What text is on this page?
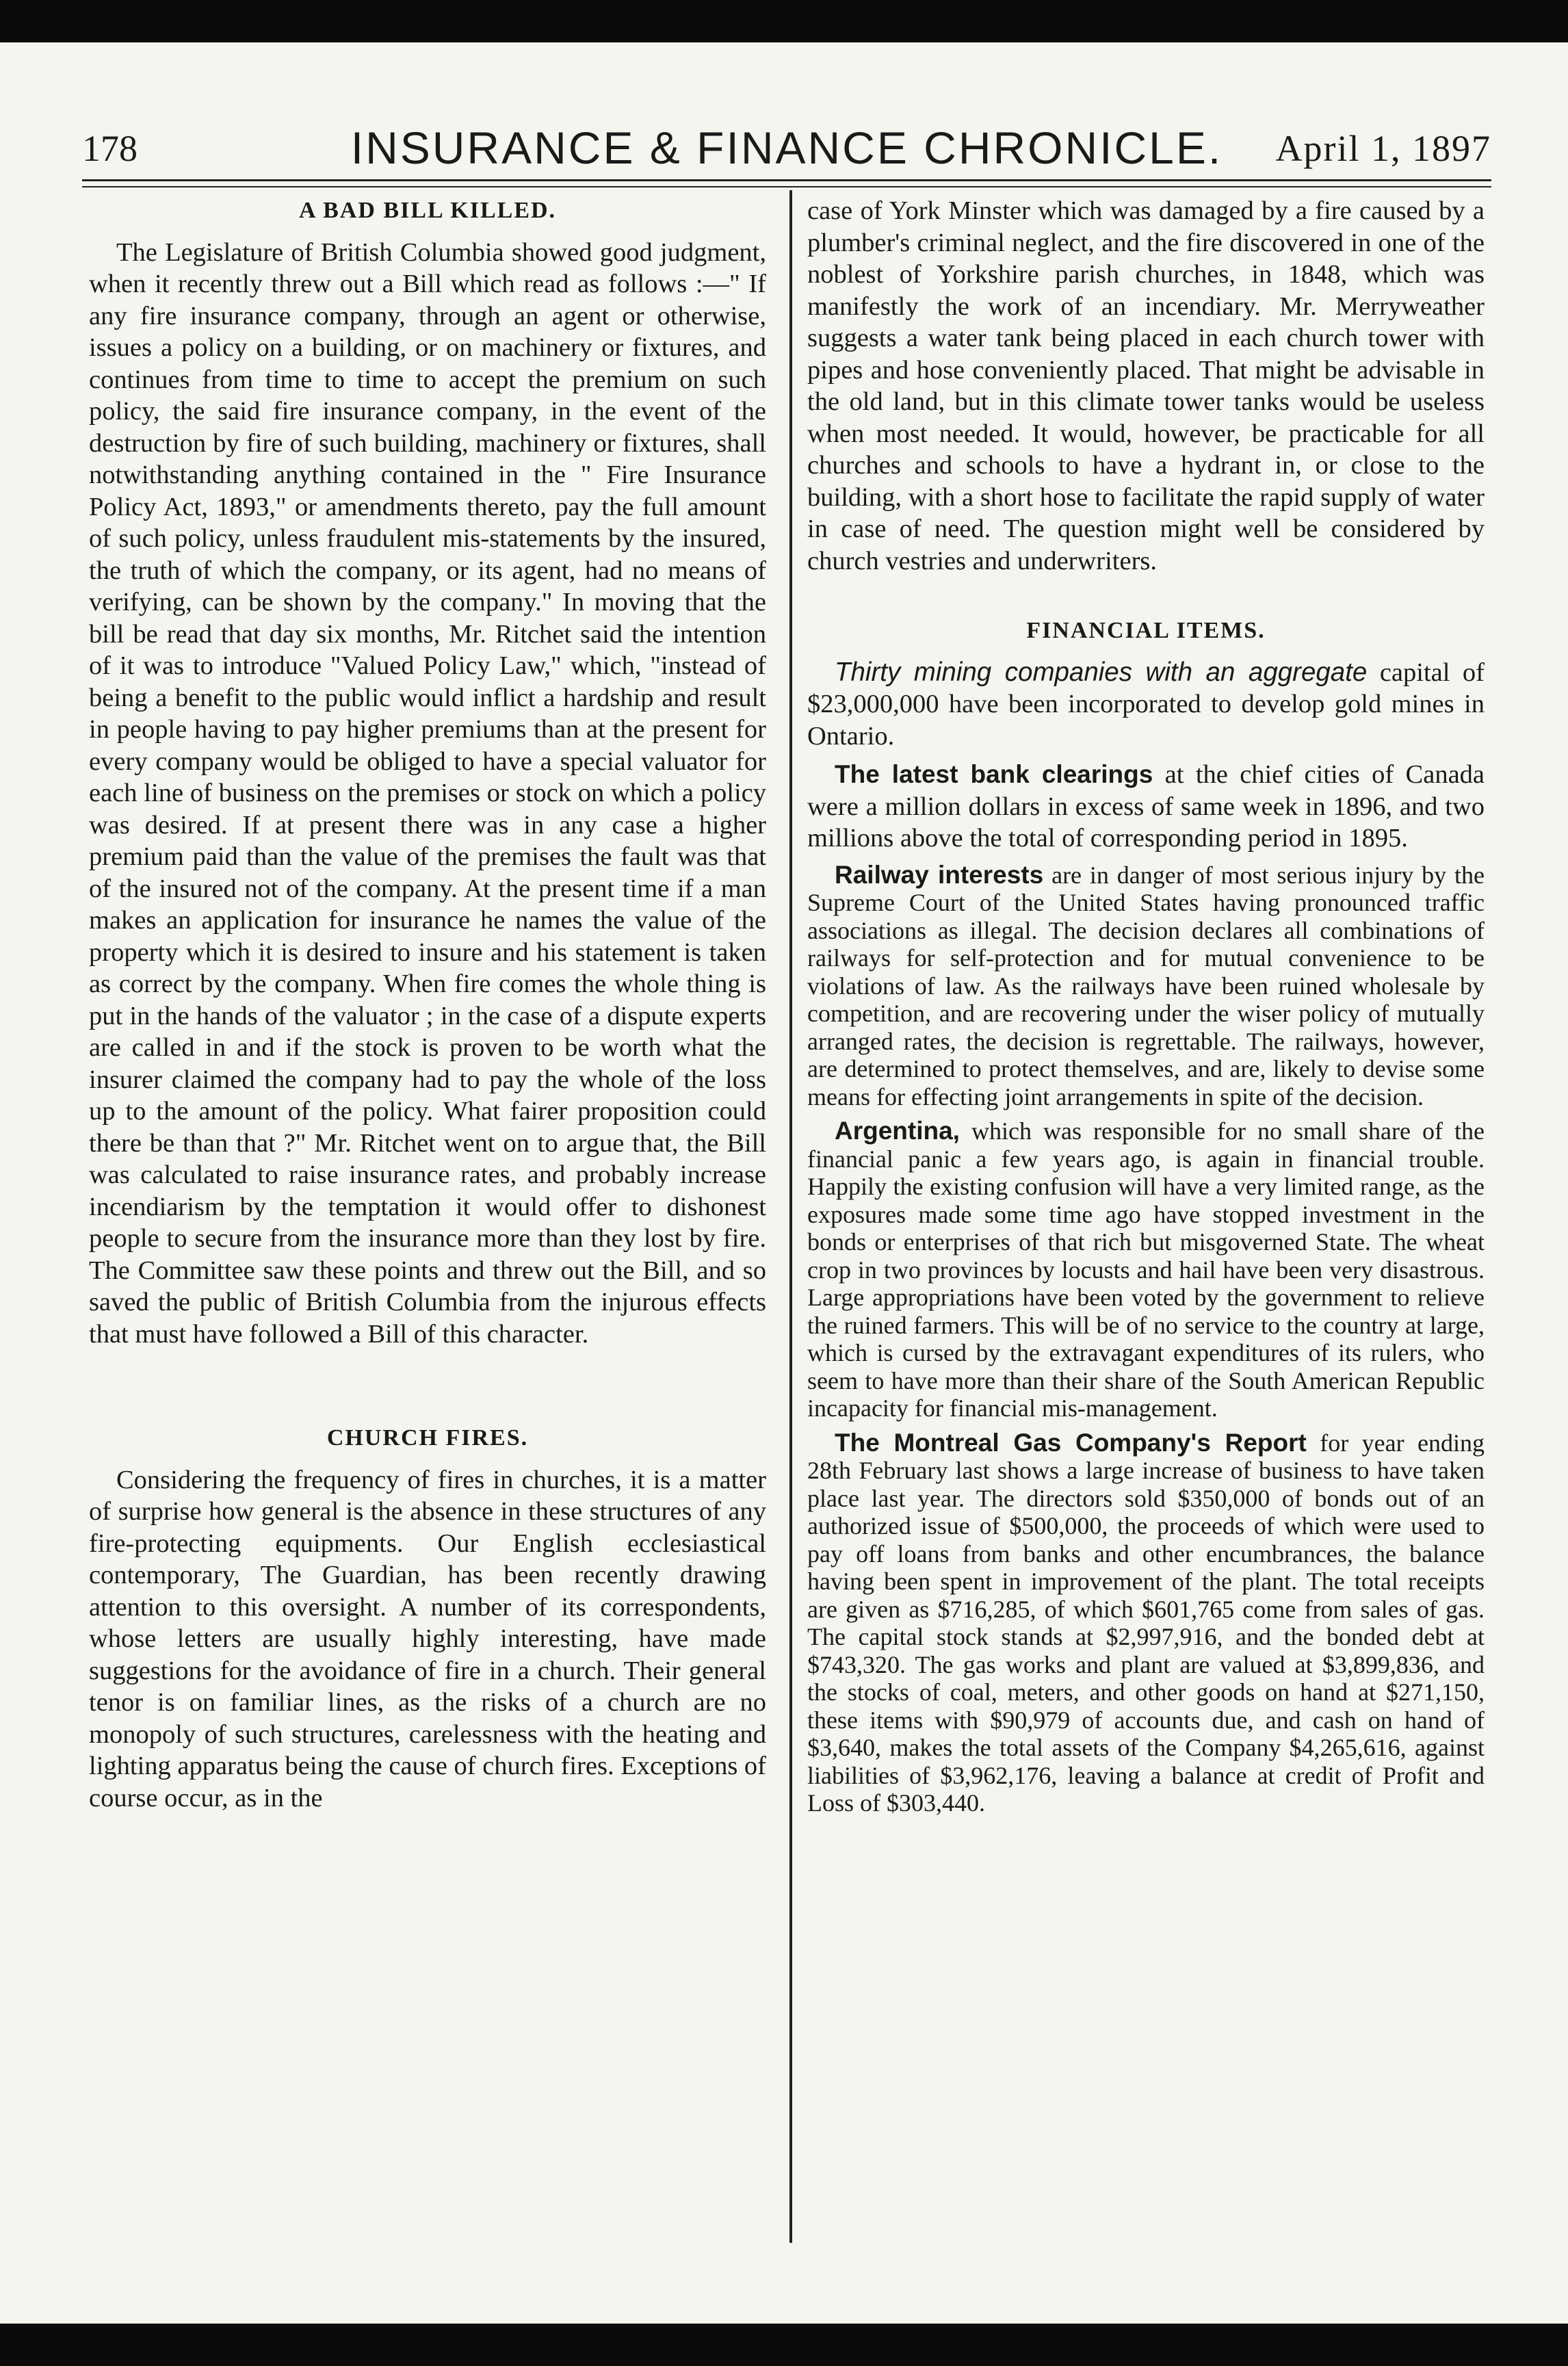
178	INSURANCE & FINANCE CHRONICLE.	April 1, 1897
A BAD BILL KILLED.

The Legislature of British Columbia showed good judgment, when it recently threw out a Bill which read as follows :—" If any fire insurance company, through an agent or otherwise, issues a policy on a building, or on machinery or fixtures, and continues from time to time to accept the premium on such policy, the said fire insurance company, in the event of the destruction by fire of such building, machinery or fixtures, shall notwithstanding anything contained in the " Fire Insurance Policy Act, 1893," or amendments thereto, pay the full amount of such policy, unless fraudulent mis-statements by the insured, the truth of which the company, or its agent, had no means of verifying, can be shown by the company." In moving that the bill be read that day six months, Mr. Ritchet said the intention of it was to introduce "Valued Policy Law," which, "instead of being a benefit to the public would inflict a hardship and result in people having to pay higher premiums than at the present for every company would be obliged to have a special valuator for each line of business on the premises or stock on which a policy was desired. If at present there was in any case a higher premium paid than the value of the premises the fault was that of the insured not of the company. At the present time if a man makes an application for insurance he names the value of the property which it is desired to insure and his statement is taken as correct by the company. When fire comes the whole thing is put in the hands of the valuator ; in the case of a dispute experts are called in and if the stock is proven to be worth what the insurer claimed the company had to pay the whole of the loss up to the amount of the policy. What fairer proposition could there be than that ?" Mr. Ritchet went on to argue that, the Bill was calculated to raise insurance rates, and probably increase incendiarism by the temptation it would offer to dishonest people to secure from the insurance more than they lost by fire. The Committee saw these points and threw out the Bill, and so saved the public of British Columbia from the injurous effects that must have followed a Bill of this character.

CHURCH FIRES.

Considering the frequency of fires in churches, it is a matter of surprise how general is the absence in these structures of any fire-protecting equipments. Our English ecclesiastical contemporary, The Guardian, has been recently drawing attention to this oversight. A number of its correspondents, whose letters are usually highly interesting, have made suggestions for the avoidance of fire in a church. Their general tenor is on familiar lines, as the risks of a church are no monopoly of such structures, carelessness with the heating and lighting apparatus being the cause of church fires. Exceptions of course occur, as in the

case of York Minster which was damaged by a fire caused by a plumber's criminal neglect, and the fire discovered in one of the noblest of Yorkshire parish churches, in 1848, which was manifestly the work of an incendiary. Mr. Merryweather suggests a water tank being placed in each church tower with pipes and hose conveniently placed. That might be advisable in the old land, but in this climate tower tanks would be useless when most needed. It would, however, be practicable for all churches and schools to have a hydrant in, or close to the building, with a short hose to facilitate the rapid supply of water in case of need. The question might well be considered by church vestries and underwriters.

FINANCIAL ITEMS.

Thirty mining companies with an aggregate capital of $23,000,000 have been incorporated to develop gold mines in Ontario.

The latest bank clearings at the chief cities of Canada were a million dollars in excess of same week in 1896, and two millions above the total of corresponding period in 1895.

Railway interests are in danger of most serious injury by the Supreme Court of the United States having pronounced traffic associations as illegal. The decision declares all combinations of railways for self-protection and for mutual convenience to be violations of law. As the railways have been ruined wholesale by competition, and are recovering under the wiser policy of mutually arranged rates, the decision is regrettable. The railways, however, are determined to protect themselves, and are, likely to devise some means for effecting joint arrangements in spite of the decision.

Argentina, which was responsible for no small share of the financial panic a few years ago, is again in financial trouble. Happily the existing confusion will have a very limited range, as the exposures made some time ago have stopped investment in the bonds or enterprises of that rich but misgoverned State. The wheat crop in two provinces by locusts and hail have been very disastrous. Large appropriations have been voted by the government to relieve the ruined farmers. This will be of no service to the country at large, which is cursed by the extravagant expenditures of its rulers, who seem to have more than their share of the South American Republic incapacity for financial mis-management.

The Montreal Gas Company's Report for year ending 28th February last shows a large increase of business to have taken place last year. The directors sold $350,000 of bonds out of an authorized issue of $500,000, the proceeds of which were used to pay off loans from banks and other encumbrances, the balance having been spent in improvement of the plant. The total receipts are given as $716,285, of which $601,765 come from sales of gas. The capital stock stands at $2,997,916, and the bonded debt at $743,320. The gas works and plant are valued at $3,899,836, and the stocks of coal, meters, and other goods on hand at $271,150, these items with $90,979 of accounts due, and cash on hand of $3,640, makes the total assets of the Company $4,265,616, against liabilities of $3,962,176, leaving a balance at credit of Profit and Loss of $303,440.
